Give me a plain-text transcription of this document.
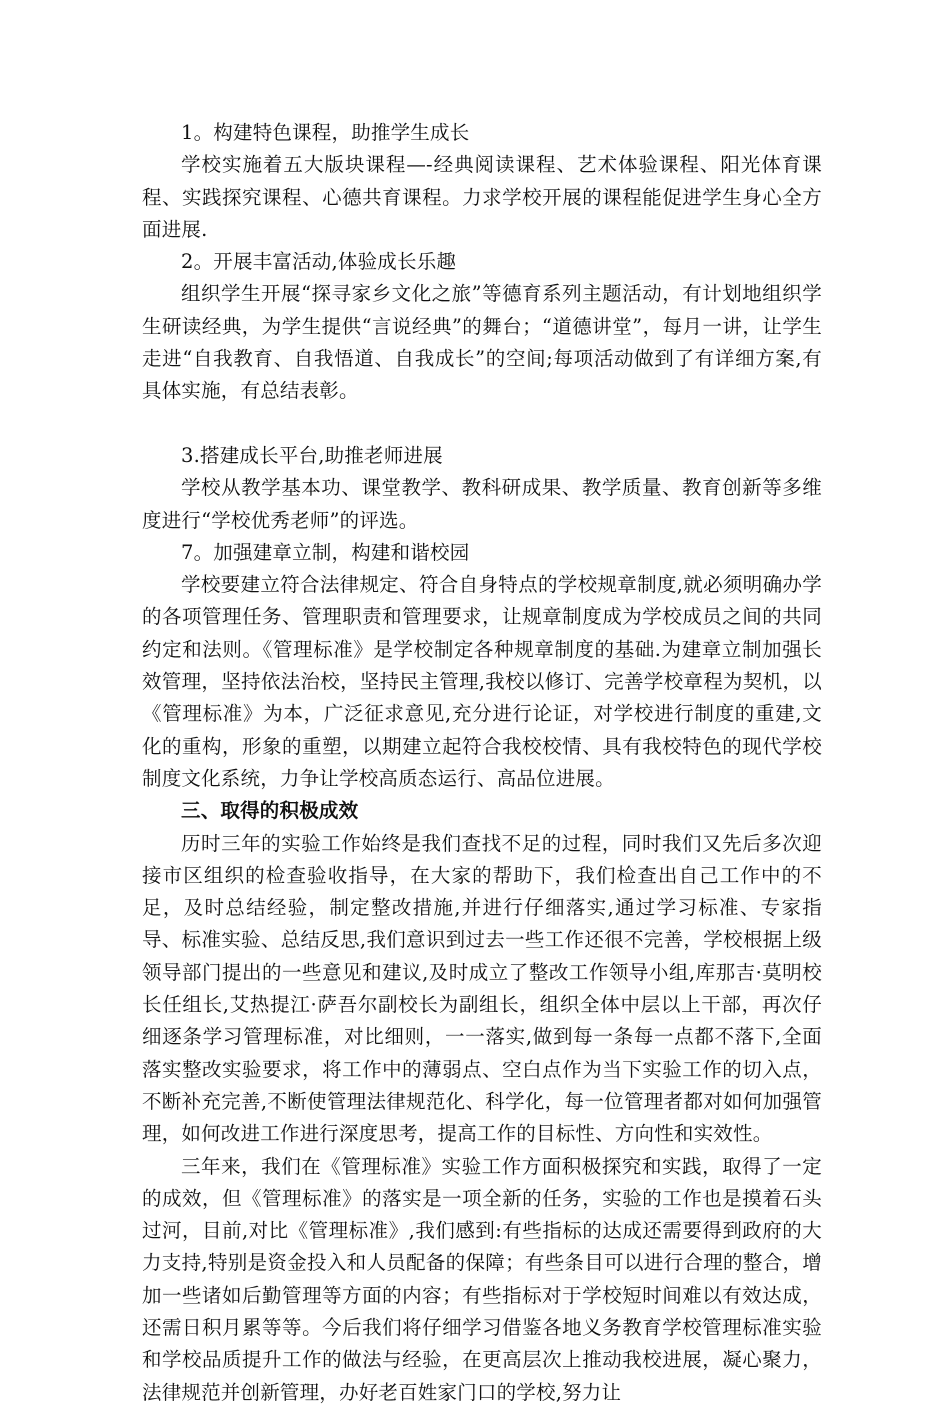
1。构建特色课程，助推学生成长

学校实施着五大版块课程—-经典阅读课程、艺术体验课程、阳光体育课程、实践探究课程、心德共育课程。力求学校开展的课程能促进学生身心全方面进展.

2。开展丰富活动,体验成长乐趣

组织学生开展“探寻家乡文化之旅”等德育系列主题活动，有计划地组织学生研读经典，为学生提供“言说经典”的舞台；“道德讲堂”，每月一讲，让学生走进“自我教育、自我悟道、自我成长”的空间;每项活动做到了有详细方案,有具体实施，有总结表彰。

3.搭建成长平台,助推老师进展

学校从教学基本功、课堂教学、教科研成果、教学质量、教育创新等多维度进行“学校优秀老师”的评选。

7。加强建章立制，构建和谐校园

学校要建立符合法律规定、符合自身特点的学校规章制度,就必须明确办学的各项管理任务、管理职责和管理要求，让规章制度成为学校成员之间的共同约定和法则。《管理标准》是学校制定各种规章制度的基础.为建章立制加强长效管理，坚持依法治校，坚持民主管理,我校以修订、完善学校章程为契机，以《管理标准》为本，广泛征求意见,充分进行论证，对学校进行制度的重建,文化的重构，形象的重塑，以期建立起符合我校校情、具有我校特色的现代学校制度文化系统，力争让学校高质态运行、高品位进展。

三、取得的积极成效

历时三年的实验工作始终是我们查找不足的过程，同时我们又先后多次迎接市区组织的检查验收指导，在大家的帮助下，我们检查出自己工作中的不足，及时总结经验，制定整改措施,并进行仔细落实,通过学习标准、专家指导、标准实验、总结反思,我们意识到过去一些工作还很不完善，学校根据上级领导部门提出的一些意见和建议,及时成立了整改工作领导小组,库那吉·莫明校长任组长,艾热提江·萨吾尔副校长为副组长，组织全体中层以上干部，再次仔细逐条学习管理标准，对比细则，一一落实,做到每一条每一点都不落下,全面落实整改实验要求，将工作中的薄弱点、空白点作为当下实验工作的切入点，不断补充完善,不断使管理法律规范化、科学化，每一位管理者都对如何加强管理，如何改进工作进行深度思考，提高工作的目标性、方向性和实效性。

三年来，我们在《管理标准》实验工作方面积极探究和实践，取得了一定的成效，但《管理标准》的落实是一项全新的任务，实验的工作也是摸着石头过河，目前,对比《管理标准》,我们感到:有些指标的达成还需要得到政府的大力支持,特别是资金投入和人员配备的保障；有些条目可以进行合理的整合，增加一些诸如后勤管理等方面的内容；有些指标对于学校短时间难以有效达成，还需日积月累等等。今后我们将仔细学习借鉴各地义务教育学校管理标准实验和学校品质提升工作的做法与经验，在更高层次上推动我校进展，凝心聚力，法律规范并创新管理，办好老百姓家门口的学校,努力让
